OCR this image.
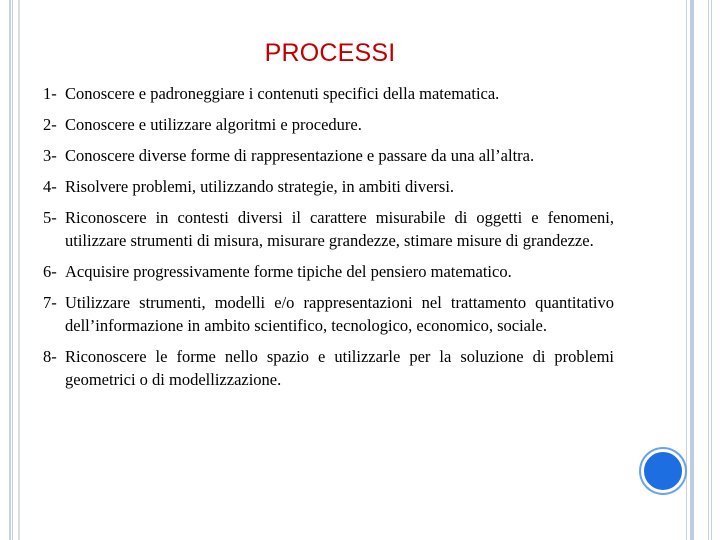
PROCESSI
1- Conoscere e padroneggiare i contenuti specifici della matematica.
2- Conoscere e utilizzare algoritmi e procedure.
3- Conoscere diverse forme di rappresentazione e passare da una all’altra.
4- Risolvere problemi, utilizzando strategie, in ambiti diversi.
5- Riconoscere in contesti diversi il carattere misurabile di oggetti e fenomeni, utilizzare strumenti di misura, misurare grandezze, stimare misure di grandezze.
6- Acquisire progressivamente forme tipiche del pensiero matematico.
7- Utilizzare strumenti, modelli e/o rappresentazioni nel trattamento quantitativo dell’informazione in ambito scientifico, tecnologico, economico, sociale.
8- Riconoscere le forme nello spazio e utilizzarle per la soluzione di problemi geometrici o di modellizzazione.
